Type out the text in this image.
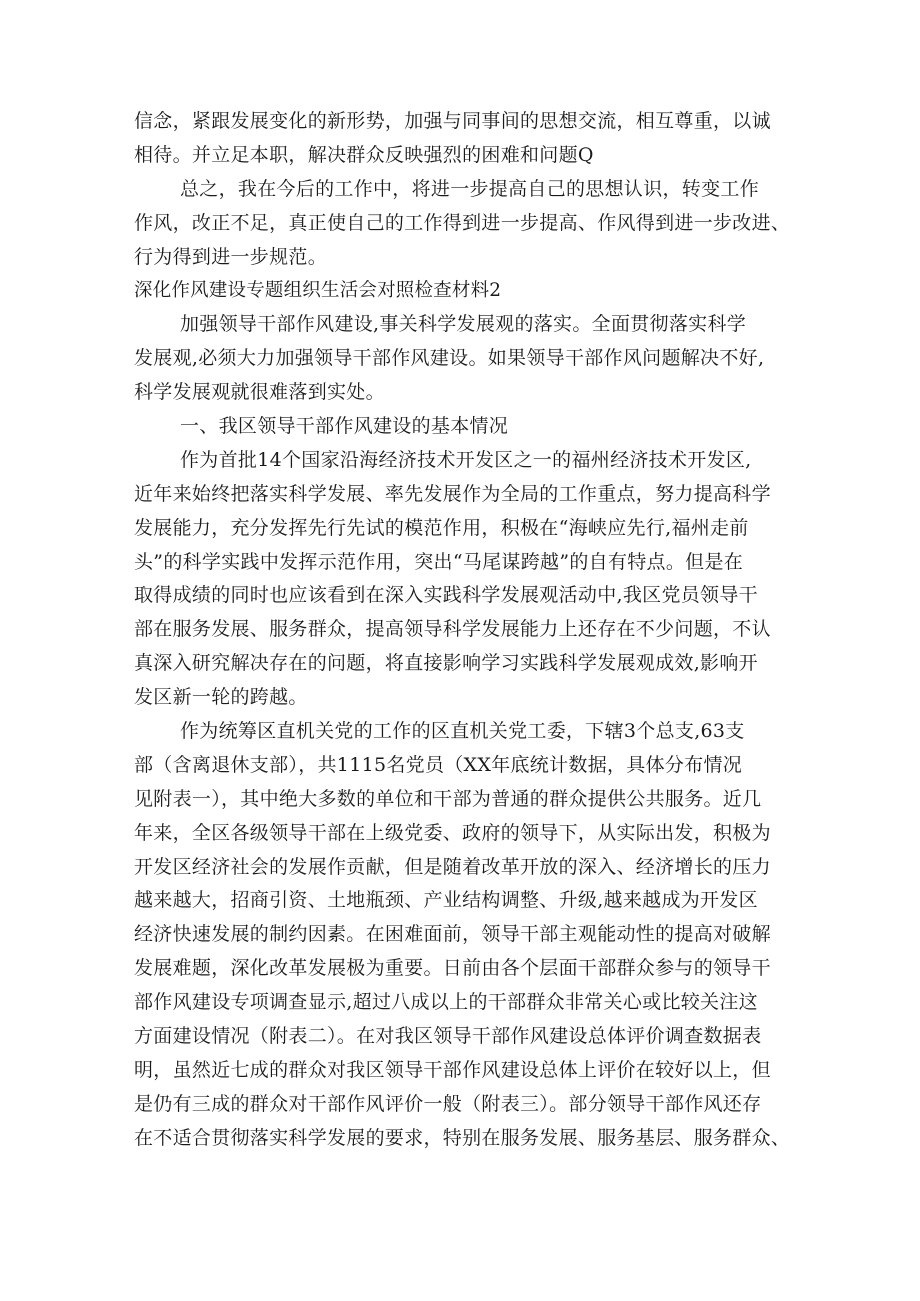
信念，紧跟发展变化的新形势，加强与同事间的思想交流，相互尊重，以诚
相待。并立足本职，解决群众反映强烈的困难和问题Q
总之，我在今后的工作中，将进一步提高自己的思想认识，转变工作
作风，改正不足，真正使自己的工作得到进一步提高、作风得到进一步改进、
行为得到进一步规范。
深化作风建设专题组织生活会对照检查材料2
加强领导干部作风建设,事关科学发展观的落实。全面贯彻落实科学
发展观,必须大力加强领导干部作风建设。如果领导干部作风问题解决不好,
科学发展观就很难落到实处。
一、我区领导干部作风建设的基本情况
作为首批14个国家沿海经济技术开发区之一的福州经济技术开发区,
近年来始终把落实科学发展、率先发展作为全局的工作重点，努力提高科学
发展能力，充分发挥先行先试的模范作用，积极在“海峡应先行,福州走前
头”的科学实践中发挥示范作用，突出“马尾谋跨越”的自有特点。但是在
取得成绩的同时也应该看到在深入实践科学发展观活动中,我区党员领导干
部在服务发展、服务群众，提高领导科学发展能力上还存在不少问题，不认
真深入研究解决存在的问题，将直接影响学习实践科学发展观成效,影响开
发区新一轮的跨越。
作为统筹区直机关党的工作的区直机关党工委，下辖3个总支,63支
部（含离退休支部），共1115名党员（XX年底统计数据，具体分布情况
见附表一），其中绝大多数的单位和干部为普通的群众提供公共服务。近几
年来，全区各级领导干部在上级党委、政府的领导下，从实际出发，积极为
开发区经济社会的发展作贡献，但是随着改革开放的深入、经济增长的压力
越来越大，招商引资、土地瓶颈、产业结构调整、升级,越来越成为开发区
经济快速发展的制约因素。在困难面前，领导干部主观能动性的提高对破解
发展难题，深化改革发展极为重要。日前由各个层面干部群众参与的领导干
部作风建设专项调查显示,超过八成以上的干部群众非常关心或比较关注这
方面建设情况（附表二）。在对我区领导干部作风建设总体评价调查数据表
明，虽然近七成的群众对我区领导干部作风建设总体上评价在较好以上，但
是仍有三成的群众对干部作风评价一般（附表三）。部分领导干部作风还存
在不适合贯彻落实科学发展的要求，特别在服务发展、服务基层、服务群众、
